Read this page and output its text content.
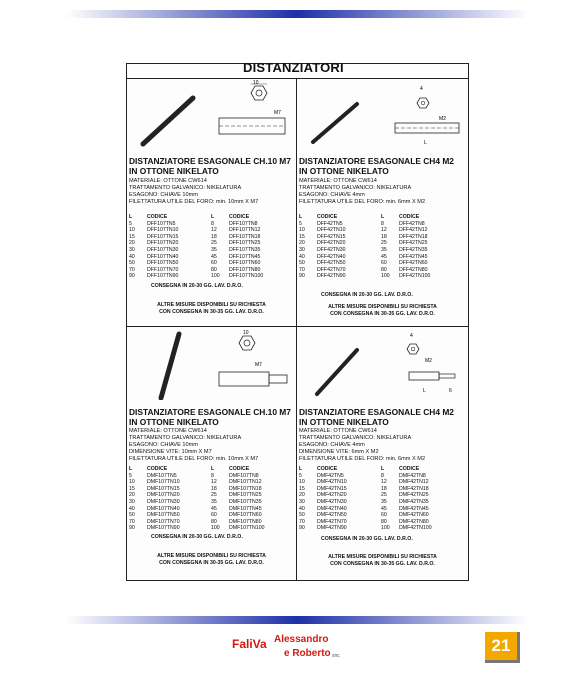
DISTANZIATORI
10
M7
DISTANZIATORE ESAGONALE CH.10 M7
IN OTTONE NIKELATO
MATERIALE: OTTONE CW614
TRATTAMENTO GALVANICO: NIKELATURA
ESAGONO: CHIAVE 10mm
FILETTATURA UTILE DEL FORO: min. 10mm X M7
L	CODICE	L	CODICE
5	DFF107TN5	8	DFF107TN8
10 DFF107TN10	12 DFF107TN12
15 DFF107TN15	18 DFF107TN18
20 DFF107TN20	25 DFF107TN25
30 DFF107TN30	35 DFF107TN35
40 DFF107TN40	45 DFF107TN45
50 DFF107TN50	60 DFF107TN60
70 DFF107TN70	80 DFF107TN80
90 DFF107TN90	100 DFF107TN100
CONSEGNA IN 20-30 GG. LAV. D.R.O.
ALTRE MISURE DISPONIBILI SU RICHIESTA
CON CONSEGNA IN 30-35 GG. LAV. D.R.O.
4
M2
L
DISTANZIATORE ESAGONALE CH4 M2
IN OTTONE NIKELATO
MATERIALE: OTTONE CW614
TRATTAMENTO GALVANICO: NIKELATURA
ESAGONO: CHIAVE 4mm
FILETTATURA UTILE DEL FORO: min. 6mm X M2
L	CODICE	L	CODICE
5	DFF42TN5	8	DFF42TN8
10 DFF42TN10	12 DFF42TN12
15 DFF42TN15	18 DFF42TN18
20 DFF42TN20	25 DFF42TN25
30 DFF42TN30	35 DFF42TN35
40 DFF42TN40	45 DFF42TN45
50 DFF42TN50	60 DFF42TN60
70 DFF42TN70	80 DFF42TN80
90 DFF42TN90	100 DFF42TN100
CONSEGNA IN 20-30 GG. LAV. D.R.O.
ALTRE MISURE DISPONIBILI SU RICHIESTA
CON CONSEGNA IN 30-35 GG. LAV. D.R.O.
10
M7
DISTANZIATORE ESAGONALE CH.10 M7
IN OTTONE NIKELATO
MATERIALE: OTTONE CW614
TRATTAMENTO GALVANICO: NIKELATURA
ESAGONO: CHIAVE 10mm
DIMENSIONE VITE: 10mm X M7
FILETTATURA UTILE DEL FORO: min. 10mm X M7
L	CODICE	L	CODICE
5	DMF107TN5	8	DMF107TN8
10 DMF107TN10	12 DMF107TN12
15 DMF107TN15	18 DMF107TN18
20 DMF107TN20	25 DMF107TN25
30 DMF107TN30	35 DMF107TN35
40 DMF107TN40	45 DMF107TN45
50 DMF107TN50	60 DMF107TN60
70 DMF107TN70	80 DMF107TN80
90 DMF107TN90	100 DMF107TN100
CONSEGNA IN 20-30 GG. LAV. D.R.O.
ALTRE MISURE DISPONIBILI SU RICHIESTA
CON CONSEGNA IN 30-35 GG. LAV. D.R.O.
4
M2
L	6
DISTANZIATORE ESAGONALE CH4 M2
IN OTTONE NIKELATO
MATERIALE: OTTONE CW614
TRATTAMENTO GALVANICO: NIKELATURA
ESAGONO: CHIAVE 4mm
DIMENSIONE VITE: 6mm X M2
FILETTATURA UTILE DEL FORO: min. 6mm X M2
L	CODICE	L	CODICE
5	DMF42TN5	8	DMF42TN8
10 DMF42TN10	12 DMF42TN12
15 DMF42TN15	18 DMF42TN18
20 DMF42TN20	25 DMF42TN25
30 DMF42TN30	35 DMF42TN35
40 DMF42TN40	45 DMF42TN45
50 DMF42TN50	60 DMF42TN60
70 DMF42TN70	80 DMF42TN80
90 DMF42TN90	100 DMF42TN100
CONSEGNA IN 20-30 GG. LAV. D.R.O.
ALTRE MISURE DISPONIBILI SU RICHIESTA
CON CONSEGNA IN 30-35 GG. LAV. D.R.O.
FaliVa Alessandro
e Roberto snc
21
